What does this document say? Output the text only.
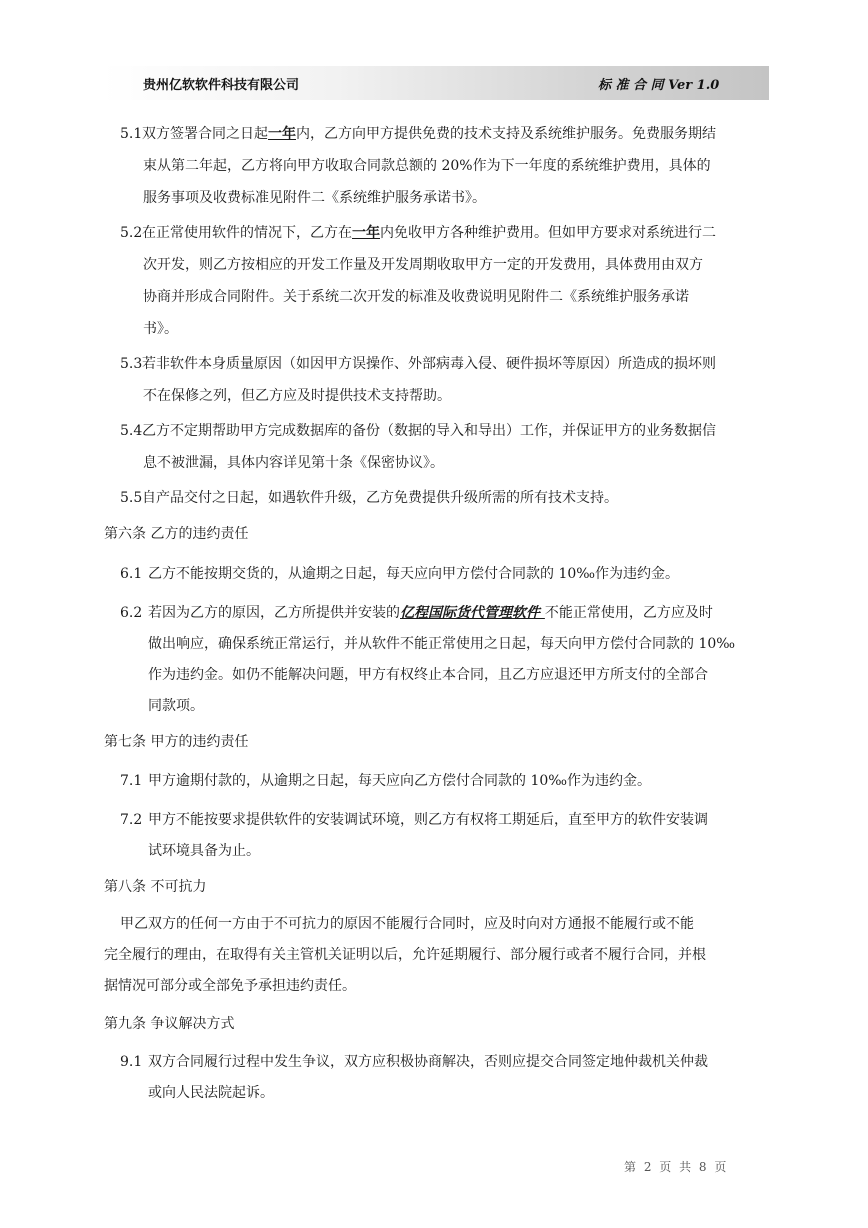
贵州亿软软件科技有限公司	标 准 合 同 Ver 1.0
5.1双方签署合同之日起一年内，乙方向甲方提供免费的技术支持及系统维护服务。免费服务期结
束从第二年起，乙方将向甲方收取合同款总额的 20%作为下一年度的系统维护费用，具体的
服务事项及收费标准见附件二《系统维护服务承诺书》。
5.2在正常使用软件的情况下，乙方在一年内免收甲方各种维护费用。但如甲方要求对系统进行二
次开发，则乙方按相应的开发工作量及开发周期收取甲方一定的开发费用，具体费用由双方
协商并形成合同附件。关于系统二次开发的标准及收费说明见附件二《系统维护服务承诺
书》。
5.3若非软件本身质量原因（如因甲方误操作、外部病毒入侵、硬件损坏等原因）所造成的损坏则
不在保修之列，但乙方应及时提供技术支持帮助。
5.4乙方不定期帮助甲方完成数据库的备份（数据的导入和导出）工作，并保证甲方的业务数据信
息不被泄漏，具体内容详见第十条《保密协议》。
5.5自产品交付之日起，如遇软件升级，乙方免费提供升级所需的所有技术支持。
第六条 乙方的违约责任
6.1 乙方不能按期交货的，从逾期之日起，每天应向甲方偿付合同款的 10‰作为违约金。
6.2 若因为乙方的原因，乙方所提供并安装的亿程国际货代管理软件 不能正常使用，乙方应及时
做出响应，确保系统正常运行，并从软件不能正常使用之日起，每天向甲方偿付合同款的 10‰
作为违约金。如仍不能解决问题，甲方有权终止本合同，且乙方应退还甲方所支付的全部合
同款项。
第七条 甲方的违约责任
7.1 甲方逾期付款的，从逾期之日起，每天应向乙方偿付合同款的 10‰作为违约金。
7.2 甲方不能按要求提供软件的安装调试环境，则乙方有权将工期延后，直至甲方的软件安装调
试环境具备为止。
第八条 不可抗力
甲乙双方的任何一方由于不可抗力的原因不能履行合同时，应及时向对方通报不能履行或不能
完全履行的理由，在取得有关主管机关证明以后，允许延期履行、部分履行或者不履行合同，并根
据情况可部分或全部免予承担违约责任。
第九条 争议解决方式
9.1 双方合同履行过程中发生争议，双方应积极协商解决，否则应提交合同签定地仲裁机关仲裁
或向人民法院起诉。
第 2 页 共 8 页
